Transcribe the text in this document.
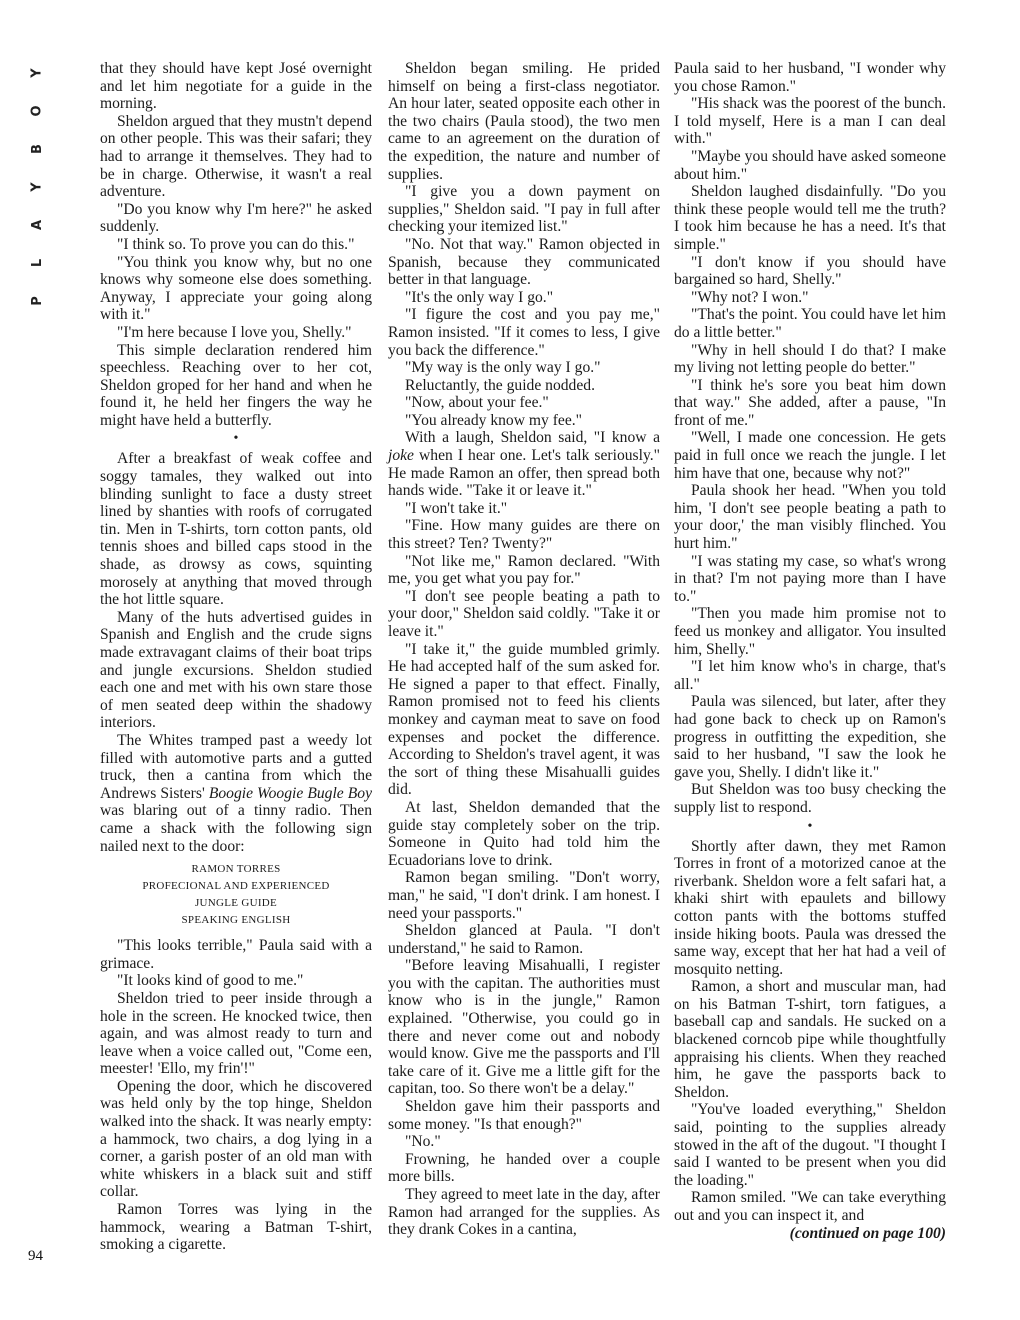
Y
O
B
Y
A
L
P
94

that they should have kept José overnight and let him negotiate for a guide in the morning.

Sheldon argued that they mustn't depend on other people. This was their safari; they had to arrange it themselves. They had to be in charge. Otherwise, it wasn't a real adventure.

"Do you know why I'm here?" he asked suddenly.

"I think so. To prove you can do this."

"You think you know why, but no one knows why someone else does something. Anyway, I appreciate your going along with it."

"I'm here because I love you, Shelly."

This simple declaration rendered him speechless. Reaching over to her cot, Sheldon groped for her hand and when he found it, he held her fingers the way he might have held a butterfly.

•

After a breakfast of weak coffee and soggy tamales, they walked out into blinding sunlight to face a dusty street lined by shanties with roofs of corrugated tin. Men in T-shirts, torn cotton pants, old tennis shoes and billed caps stood in the shade, as drowsy as cows, squinting morosely at anything that moved through the hot little square.

Many of the huts advertised guides in Spanish and English and the crude signs made extravagant claims of their boat trips and jungle excursions. Sheldon studied each one and met with his own stare those of men seated deep within the shadowy interiors.

The Whites tramped past a weedy lot filled with automotive parts and a gutted truck, then a cantina from which the Andrews Sisters' Boogie Woogie Bugle Boy was blaring out of a tinny radio. Then came a shack with the following sign nailed next to the door:

RAMON TORRES
PROFECIONAL AND EXPERIENCED
JUNGLE GUIDE
SPEAKING ENGLISH

"This looks terrible," Paula said with a grimace.

"It looks kind of good to me."

Sheldon tried to peer inside through a hole in the screen. He knocked twice, then again, and was almost ready to turn and leave when a voice called out, "Come een, meester! 'Ello, my frin'!"

Opening the door, which he discovered was held only by the top hinge, Sheldon walked into the shack. It was nearly empty: a hammock, two chairs, a dog lying in a corner, a garish poster of an old man with white whiskers in a black suit and stiff collar.

Ramon Torres was lying in the hammock, wearing a Batman T-shirt, smoking a cigarette.

Sheldon began smiling. He prided himself on being a first-class negotiator. An hour later, seated opposite each other in the two chairs (Paula stood), the two men came to an agreement on the duration of the expedition, the nature and number of supplies.

"I give you a down payment on supplies," Sheldon said. "I pay in full after checking your itemized list."

"No. Not that way." Ramon objected in Spanish, because they communicated better in that language.

"It's the only way I go."

"I figure the cost and you pay me," Ramon insisted. "If it comes to less, I give you back the difference."

"My way is the only way I go."

Reluctantly, the guide nodded.

"Now, about your fee."

"You already know my fee."

With a laugh, Sheldon said, "I know a joke when I hear one. Let's talk seriously." He made Ramon an offer, then spread both hands wide. "Take it or leave it."

"I won't take it."

"Fine. How many guides are there on this street? Ten? Twenty?"

"Not like me," Ramon declared. "With me, you get what you pay for."

"I don't see people beating a path to your door," Sheldon said coldly. "Take it or leave it."

"I take it," the guide mumbled grimly. He had accepted half of the sum asked for. He signed a paper to that effect. Finally, Ramon promised not to feed his clients monkey and cayman meat to save on food expenses and pocket the difference. According to Sheldon's travel agent, it was the sort of thing these Misahualli guides did.

At last, Sheldon demanded that the guide stay completely sober on the trip. Someone in Quito had told him the Ecuadorians love to drink.

Ramon began smiling. "Don't worry, man," he said, "I don't drink. I am honest. I need your passports."

Sheldon glanced at Paula. "I don't understand," he said to Ramon.

"Before leaving Misahualli, I register you with the capitan. The authorities must know who is in the jungle," Ramon explained. "Otherwise, you could go in there and never come out and nobody would know. Give me the passports and I'll take care of it. Give me a little gift for the capitan, too. So there won't be a delay."

Sheldon gave him their passports and some money. "Is that enough?"

"No."

Frowning, he handed over a couple more bills.

They agreed to meet late in the day, after Ramon had arranged for the supplies. As they drank Cokes in a cantina,

Paula said to her husband, "I wonder why you chose Ramon."

"His shack was the poorest of the bunch. I told myself, Here is a man I can deal with."

"Maybe you should have asked someone about him."

Sheldon laughed disdainfully. "Do you think these people would tell me the truth? I took him because he has a need. It's that simple."

"I don't know if you should have bargained so hard, Shelly."

"Why not? I won."

"That's the point. You could have let him do a little better."

"Why in hell should I do that? I make my living not letting people do better."

"I think he's sore you beat him down that way." She added, after a pause, "In front of me."

"Well, I made one concession. He gets paid in full once we reach the jungle. I let him have that one, because why not?"

Paula shook her head. "When you told him, 'I don't see people beating a path to your door,' the man visibly flinched. You hurt him."

"I was stating my case, so what's wrong in that? I'm not paying more than I have to."

"Then you made him promise not to feed us monkey and alligator. You insulted him, Shelly."

"I let him know who's in charge, that's all."

Paula was silenced, but later, after they had gone back to check up on Ramon's progress in outfitting the expedition, she said to her husband, "I saw the look he gave you, Shelly. I didn't like it."

But Sheldon was too busy checking the supply list to respond.

•

Shortly after dawn, they met Ramon Torres in front of a motorized canoe at the riverbank. Sheldon wore a felt safari hat, a khaki shirt with epaulets and billowy cotton pants with the bottoms stuffed inside hiking boots. Paula was dressed the same way, except that her hat had a veil of mosquito netting.

Ramon, a short and muscular man, had on his Batman T-shirt, torn fatigues, a baseball cap and sandals. He sucked on a blackened corncob pipe while thoughtfully appraising his clients. When they reached him, he gave the passports back to Sheldon.

"You've loaded everything," Sheldon said, pointing to the supplies already stowed in the aft of the dugout. "I thought I said I wanted to be present when you did the loading."

Ramon smiled. "We can take everything out and you can inspect it, and

(continued on page 100)
